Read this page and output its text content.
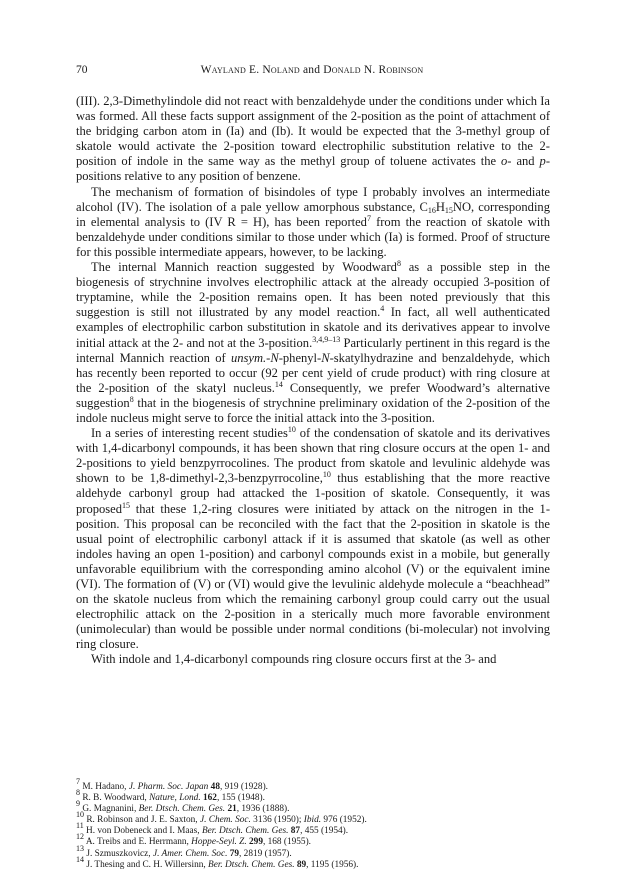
70	Wayland E. Noland and Donald N. Robinson

(III). 2,3-Dimethylindole did not react with benzaldehyde under the conditions under which Ia was formed. All these facts support assignment of the 2-position as the point of attachment of the bridging carbon atom in (Ia) and (Ib). It would be expected that the 3-methyl group of skatole would activate the 2-position toward electrophilic substitution relative to the 2-position of indole in the same way as the methyl group of toluene activates the o- and p-positions relative to any position of benzene.

The mechanism of formation of bisindoles of type I probably involves an intermediate alcohol (IV). The isolation of a pale yellow amorphous substance, $C_{16}H_{15}NO$, corresponding in elemental analysis to (IV R = H), has been reported$^7$ from the reaction of skatole with benzaldehyde under conditions similar to those under which (Ia) is formed. Proof of structure for this possible intermediate appears, however, to be lacking.

The internal Mannich reaction suggested by Woodward$^8$ as a possible step in the biogenesis of strychnine involves electrophilic attack at the already occupied 3-position of tryptamine, while the 2-position remains open. It has been noted previously that this suggestion is still not illustrated by any model reaction.$^4$ In fact, all well authenticated examples of electrophilic carbon substitution in skatole and its derivatives appear to involve initial attack at the 2- and not at the 3-position.$^{3,4,9-13}$ Particularly pertinent in this regard is the internal Mannich reaction of unsym.-N-phenyl-N-skatylhydrazine and benzaldehyde, which has recently been reported to occur (92 per cent yield of crude product) with ring closure at the 2-position of the skatyl nucleus.$^{14}$ Consequently, we prefer Woodward’s alternative suggestion$^8$ that in the biogenesis of strychnine preliminary oxidation of the 2-position of the indole nucleus might serve to force the initial attack into the 3-position.

In a series of interesting recent studies$^{10}$ of the condensation of skatole and its derivatives with 1,4-dicarbonyl compounds, it has been shown that ring closure occurs at the open 1- and 2-positions to yield benzpyrrocolines. The product from skatole and levulinic aldehyde was shown to be 1,8-dimethyl-2,3-benzpyrrocoline,$^{10}$ thus establishing that the more reactive aldehyde carbonyl group had attacked the 1-position of skatole. Consequently, it was proposed$^{15}$ that these 1,2-ring closures were initiated by attack on the nitrogen in the 1-position. This proposal can be reconciled with the fact that the 2-position in skatole is the usual point of electrophilic carbonyl attack if it is assumed that skatole (as well as other indoles having an open 1-position) and carbonyl compounds exist in a mobile, but generally unfavorable equilibrium with the corresponding amino alcohol (V) or the equivalent imine (VI). The formation of (V) or (VI) would give the levulinic aldehyde molecule a “beachhead” on the skatole nucleus from which the remaining carbonyl group could carry out the usual electrophilic attack on the 2-position in a sterically much more favorable environment (unimolecular) than would be possible under normal conditions (bi-molecular) not involving ring closure.

With indole and 1,4-dicarbonyl compounds ring closure occurs first at the 3- and

$^7$ M. Hadano, J. Pharm. Soc. Japan 48, 919 (1928).

$^8$ R. B. Woodward, Nature, Lond. 162, 155 (1948).

$^9$ G. Magnanini, Ber. Dtsch. Chem. Ges. 21, 1936 (1888).

$^{10}$ R. Robinson and J. E. Saxton, J. Chem. Soc. 3136 (1950); Ibid. 976 (1952).

$^{11}$ H. von Dobeneck and I. Maas, Ber. Dtsch. Chem. Ges. 87, 455 (1954).

$^{12}$ A. Treibs and E. Herrmann, Hoppe-Seyl. Z. 299, 168 (1955).

$^{13}$ J. Szmuszkovicz, J. Amer. Chem. Soc. 79, 2819 (1957).

$^{14}$ J. Thesing and C. H. Willersinn, Ber. Dtsch. Chem. Ges. 89, 1195 (1956).
